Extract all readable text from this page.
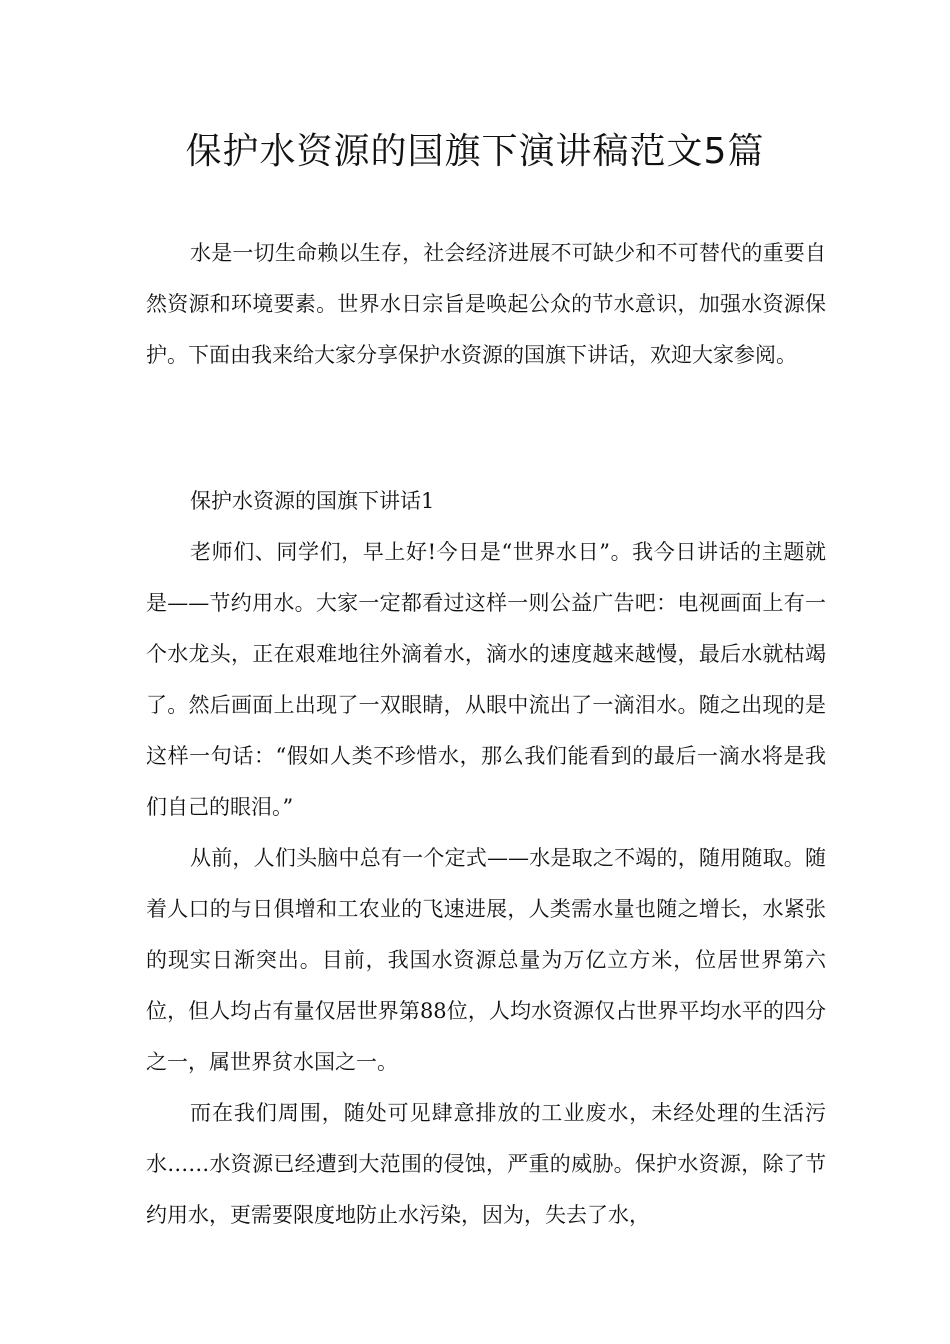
保护水资源的国旗下演讲稿范文5篇

水是一切生命赖以生存，社会经济进展不可缺少和不可替代的重要自然资源和环境要素。世界水日宗旨是唤起公众的节水意识，加强水资源保护。下面由我来给大家分享保护水资源的国旗下讲话，欢迎大家参阅。

保护水资源的国旗下讲话1

老师们、同学们，早上好!今日是“世界水日”。我今日讲话的主题就是——节约用水。大家一定都看过这样一则公益广告吧：电视画面上有一个水龙头，正在艰难地往外滴着水，滴水的速度越来越慢，最后水就枯竭了。然后画面上出现了一双眼睛，从眼中流出了一滴泪水。随之出现的是这样一句话：“假如人类不珍惜水，那么我们能看到的最后一滴水将是我们自己的眼泪。”

从前，人们头脑中总有一个定式——水是取之不竭的，随用随取。随着人口的与日俱增和工农业的飞速进展，人类需水量也随之增长，水紧张的现实日渐突出。目前，我国水资源总量为万亿立方米，位居世界第六位，但人均占有量仅居世界第88位，人均水资源仅占世界平均水平的四分之一，属世界贫水国之一。

而在我们周围，随处可见肆意排放的工业废水，未经处理的生活污水……水资源已经遭到大范围的侵蚀，严重的威胁。保护水资源，除了节约用水，更需要限度地防止水污染，因为，失去了水，
